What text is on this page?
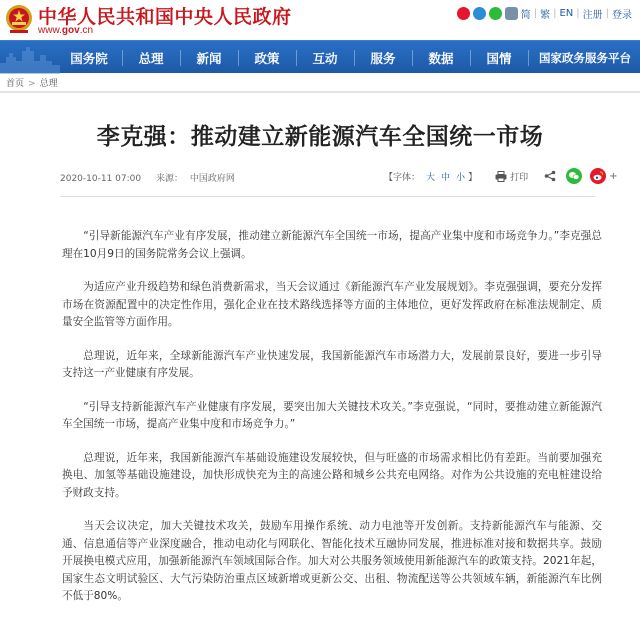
中华人民共和国中央人民政府
www.gov.cn
简 | 繁 | EN | 注册 | 登录
国务院	总理	新闻	政策	互动	服务	数据	国情	国家政务服务平台
首页 > 总理
李克强：推动建立新能源汽车全国统一市场
2020-10-11 07:00 来源： 中国政府网	【字体： 大 中 小 】	打印	+

“引导新能源汽车产业有序发展，推动建立新能源汽车全国统一市场，提高产业集中度和市场竞争力。”李克强总理在10月9日的国务院常务会议上强调。

为适应产业升级趋势和绿色消费新需求，当天会议通过《新能源汽车产业发展规划》。李克强强调，要充分发挥市场在资源配置中的决定性作用，强化企业在技术路线选择等方面的主体地位，更好发挥政府在标准法规制定、质量安全监管等方面作用。

总理说，近年来，全球新能源汽车产业快速发展，我国新能源汽车市场潜力大，发展前景良好，要进一步引导支持这一产业健康有序发展。

“引导支持新能源汽车产业健康有序发展，要突出加大关键技术攻关。”李克强说，“同时，要推动建立新能源汽车全国统一市场，提高产业集中度和市场竞争力。”

总理说，近年来，我国新能源汽车基础设施建设发展较快，但与旺盛的市场需求相比仍有差距。当前要加强充换电、加氢等基础设施建设，加快形成快充为主的高速公路和城乡公共充电网络。对作为公共设施的充电桩建设给予财政支持。

当天会议决定，加大关键技术攻关，鼓励车用操作系统、动力电池等开发创新。支持新能源汽车与能源、交通、信息通信等产业深度融合，推动电动化与网联化、智能化技术互融协同发展，推进标准对接和数据共享。鼓励开展换电模式应用，加强新能源汽车领域国际合作。加大对公共服务领域使用新能源汽车的政策支持。2021年起，国家生态文明试验区、大气污染防治重点区域新增或更新公交、出租、物流配送等公共领域车辆，新能源汽车比例不低于80%。
